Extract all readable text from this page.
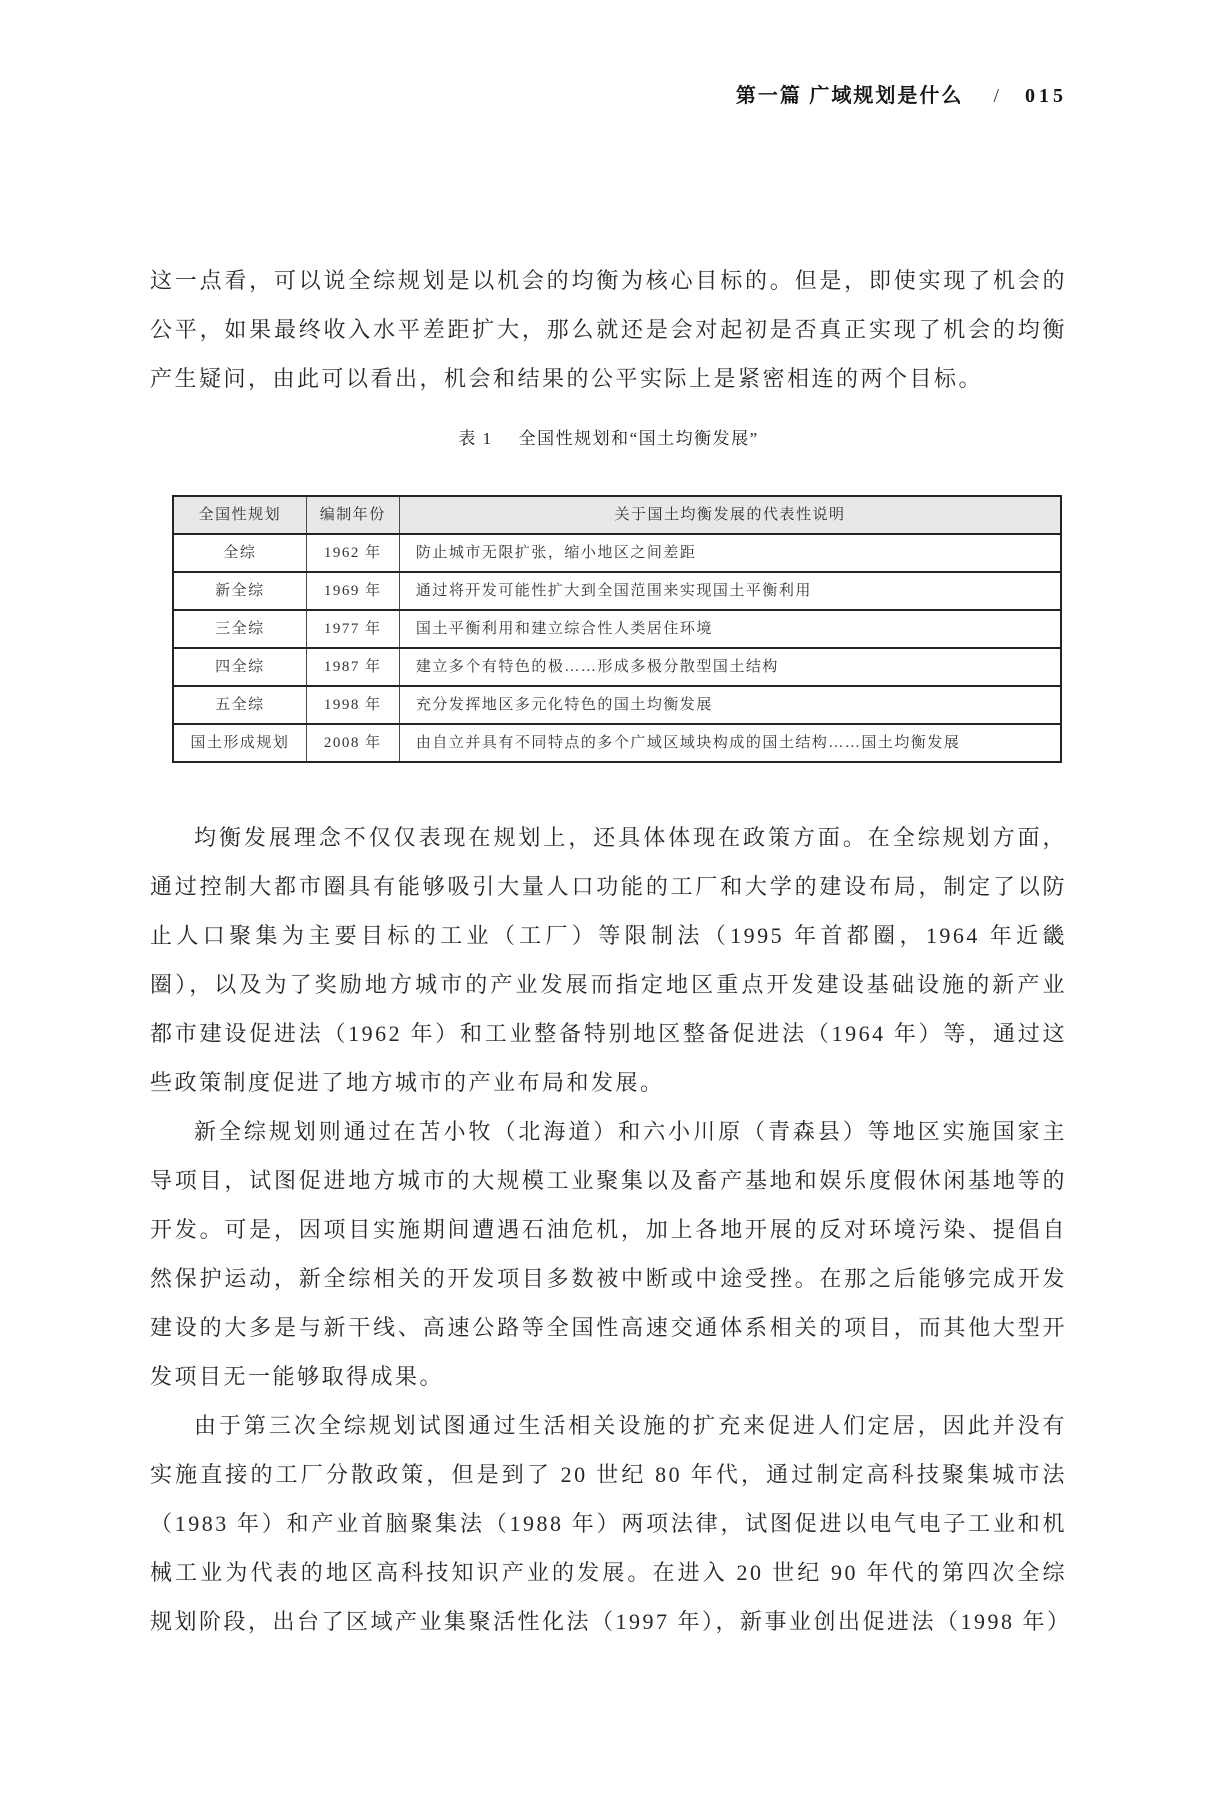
第一篇 广域规划是什么 / 015

这一点看，可以说全综规划是以机会的均衡为核心目标的。但是，即使实现了机会的公平，如果最终收入水平差距扩大，那么就还是会对起初是否真正实现了机会的均衡产生疑问，由此可以看出，机会和结果的公平实际上是紧密相连的两个目标。

表 1 全国性规划和“国土均衡发展”
全国性规划	编制年份	关于国土均衡发展的代表性说明
全综	1962 年	防止城市无限扩张，缩小地区之间差距
新全综	1969 年	通过将开发可能性扩大到全国范围来实现国土平衡利用
三全综	1977 年	国土平衡利用和建立综合性人类居住环境
四全综	1987 年	建立多个有特色的极……形成多极分散型国土结构
五全综	1998 年	充分发挥地区多元化特色的国土均衡发展
国土形成规划	2008 年	由自立并具有不同特点的多个广域区域块构成的国土结构……国土均衡发展

均衡发展理念不仅仅表现在规划上，还具体体现在政策方面。在全综规划方面，通过控制大都市圈具有能够吸引大量人口功能的工厂和大学的建设布局，制定了以防止人口聚集为主要目标的工业（工厂）等限制法（1995 年首都圈，1964 年近畿圈），以及为了奖励地方城市的产业发展而指定地区重点开发建设基础设施的新产业都市建设促进法（1962 年）和工业整备特别地区整备促进法（1964 年）等，通过这些政策制度促进了地方城市的产业布局和发展。

新全综规划则通过在苫小牧（北海道）和六小川原（青森县）等地区实施国家主导项目，试图促进地方城市的大规模工业聚集以及畜产基地和娱乐度假休闲基地等的开发。可是，因项目实施期间遭遇石油危机，加上各地开展的反对环境污染、提倡自然保护运动，新全综相关的开发项目多数被中断或中途受挫。在那之后能够完成开发建设的大多是与新干线、高速公路等全国性高速交通体系相关的项目，而其他大型开发项目无一能够取得成果。

由于第三次全综规划试图通过生活相关设施的扩充来促进人们定居，因此并没有实施直接的工厂分散政策，但是到了 20 世纪 80 年代，通过制定高科技聚集城市法（1983 年）和产业首脑聚集法（1988 年）两项法律，试图促进以电气电子工业和机械工业为代表的地区高科技知识产业的发展。在进入 20 世纪 90 年代的第四次全综规划阶段，出台了区域产业集聚活性化法（1997 年），新事业创出促进法（1998 年）
